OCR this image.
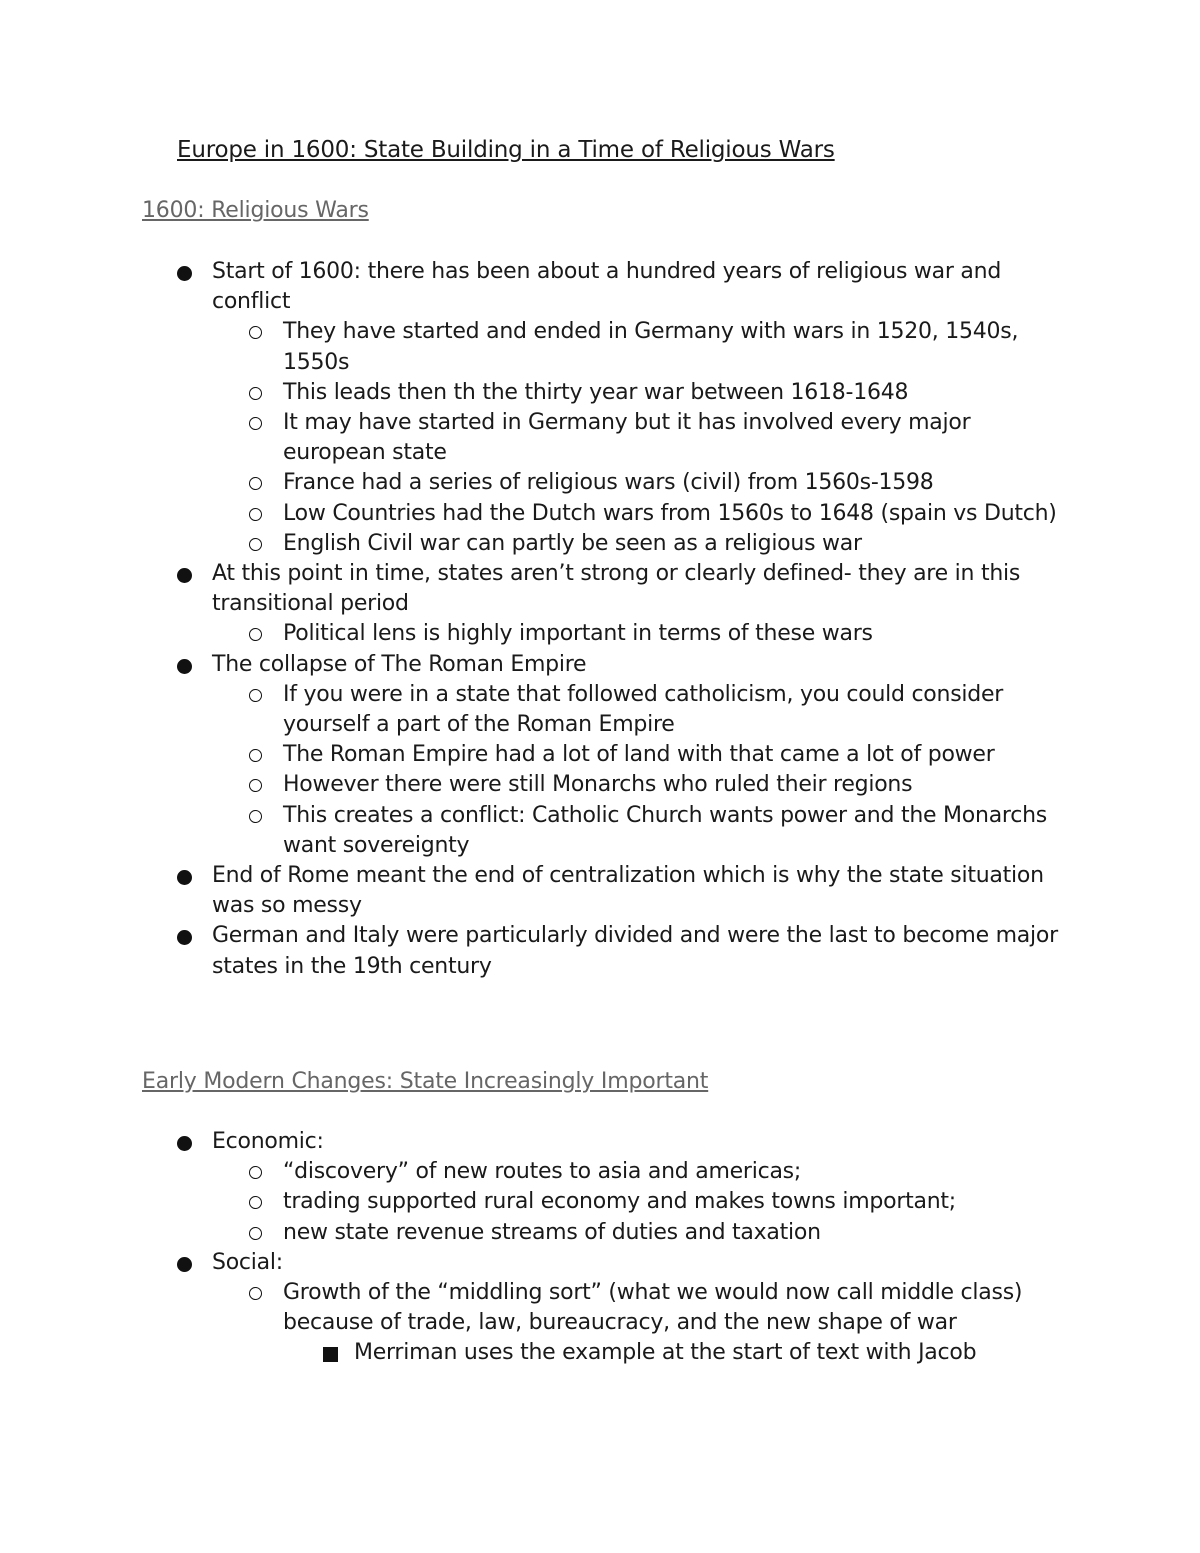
Europe in 1600: State Building in a Time of Religious Wars
1600: Religious Wars
Start of 1600: there has been about a hundred years of religious war and conflict
They have started and ended in Germany with wars in 1520, 1540s, 1550s
This leads then th the thirty year war between 1618-1648
It may have started in Germany but it has involved every major european state
France had a series of religious wars (civil) from 1560s-1598
Low Countries had the Dutch wars from 1560s to 1648 (spain vs Dutch)
English Civil war can partly be seen as a religious war
At this point in time, states aren’t strong or clearly defined- they are in this transitional period
Political lens is highly important in terms of these wars
The collapse of The Roman Empire
If you were in a state that followed catholicism, you could consider yourself a part of the Roman Empire
The Roman Empire had a lot of land with that came a lot of power
However there were still Monarchs who ruled their regions
This creates a conflict: Catholic Church wants power and the Monarchs want sovereignty
End of Rome meant the end of centralization which is why the state situation was so messy
German and Italy were particularly divided and were the last to become major states in the 19th century
Early Modern Changes: State Increasingly Important
Economic:
“discovery” of new routes to asia and americas;
trading supported rural economy and makes towns important;
new state revenue streams of duties and taxation
Social:
Growth of the “middling sort” (what we would now call middle class) because of trade, law, bureaucracy, and the new shape of war
Merriman uses the example at the start of text with Jacob
